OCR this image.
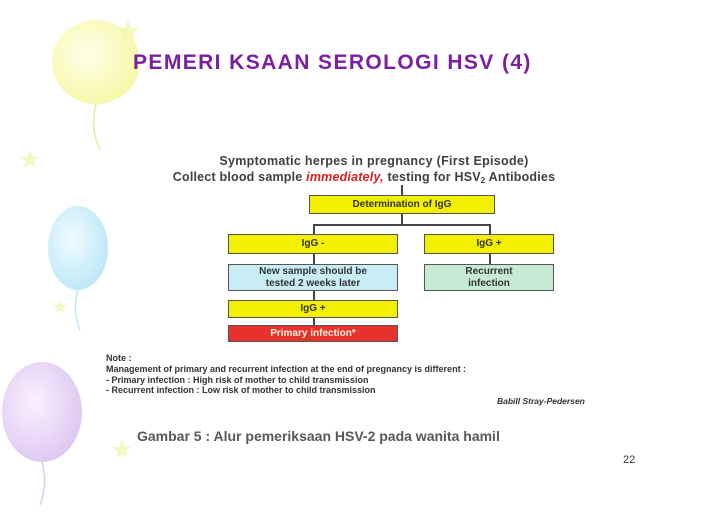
PEMERI KSAAN SEROLOGI HSV (4)
Symptomatic herpes in pregnancy (First Episode)
Collect blood sample immediately, testing for $HSV_2$ Antibodies
Determination of IgG
IgG -	IgG +
New sample should be
tested 2 weeks later
Recurrent
infection
IgG +
Primary infection*
Note :
Management of primary and recurrent infection at the end of pregnancy is different :
- Primary infection : High risk of mother to child transmission
- Recurrent infection : Low risk of mother to child transmission
Babill Stray-Pedersen
Gambar 5 : Alur pemeriksaan HSV-2 pada wanita hamil
22
